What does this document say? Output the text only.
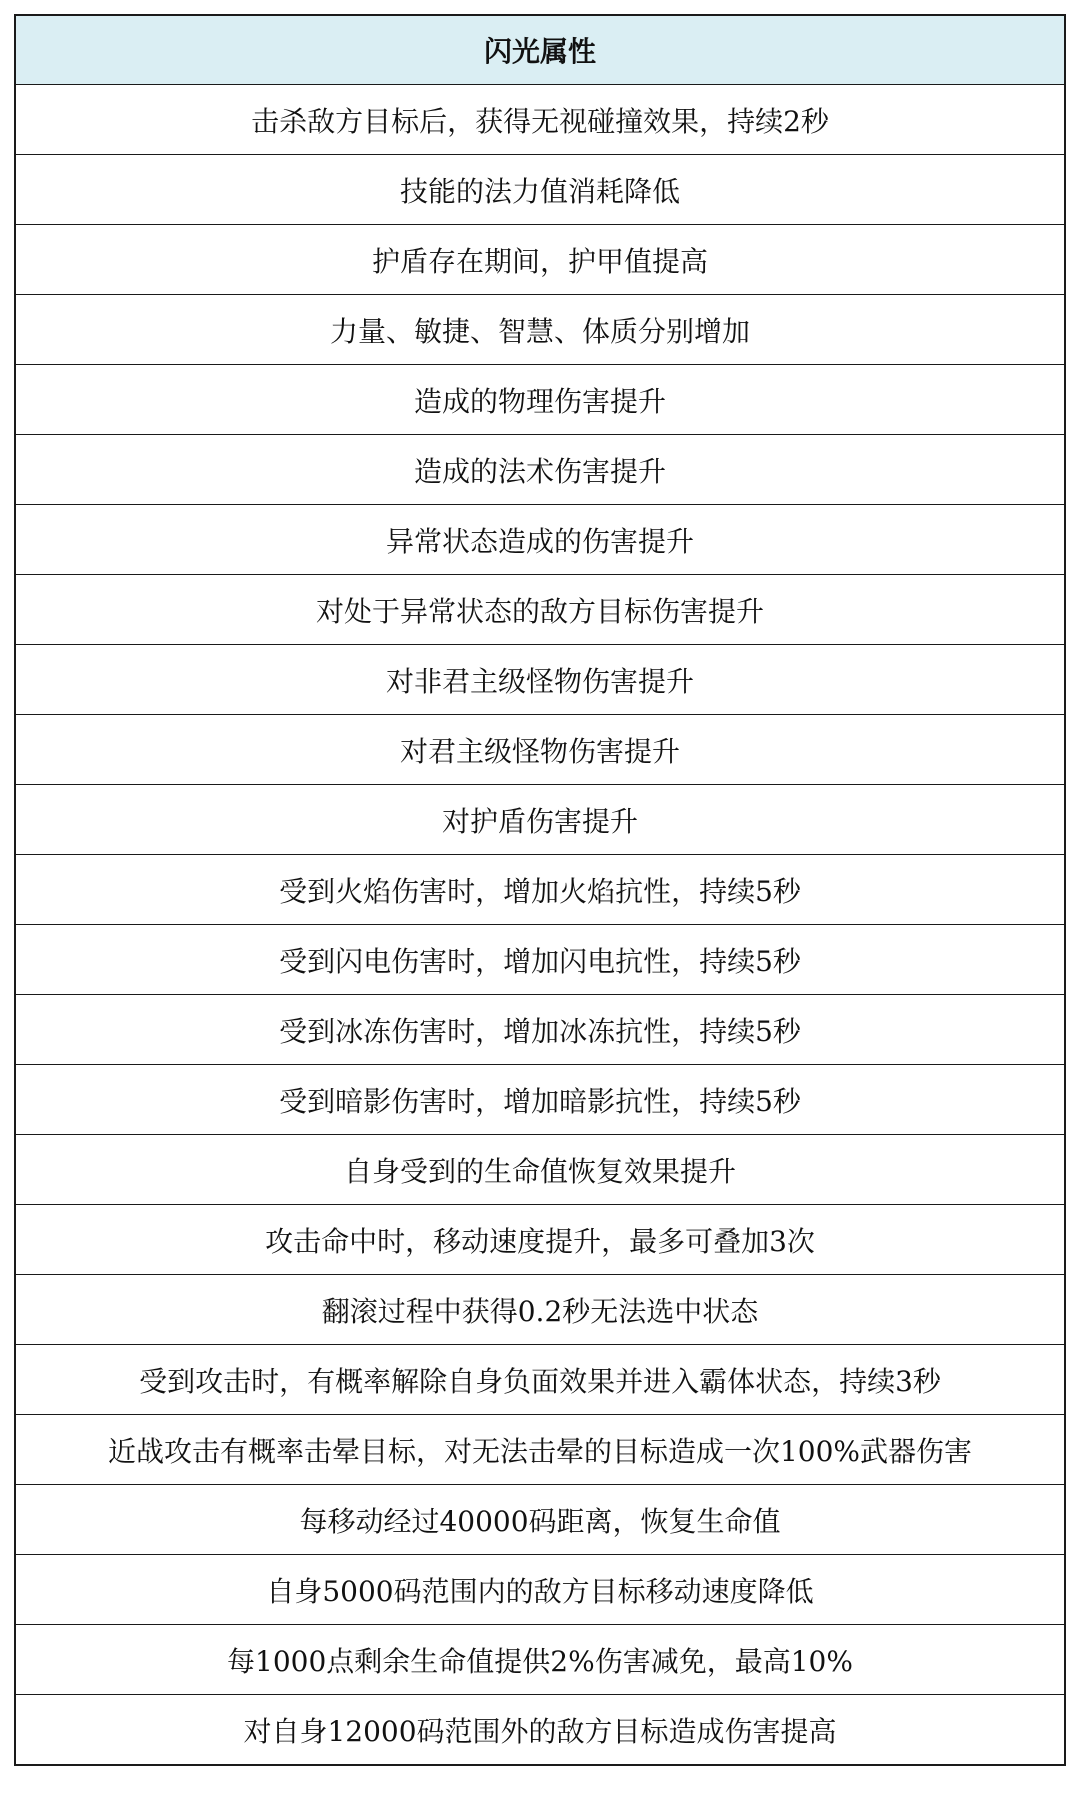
闪光属性
击杀敌方目标后，获得无视碰撞效果，持续2秒
技能的法力值消耗降低
护盾存在期间，护甲值提高
力量、敏捷、智慧、体质分别增加
造成的物理伤害提升
造成的法术伤害提升
异常状态造成的伤害提升
对处于异常状态的敌方目标伤害提升
对非君主级怪物伤害提升
对君主级怪物伤害提升
对护盾伤害提升
受到火焰伤害时，增加火焰抗性，持续5秒
受到闪电伤害时，增加闪电抗性，持续5秒
受到冰冻伤害时，增加冰冻抗性，持续5秒
受到暗影伤害时，增加暗影抗性，持续5秒
自身受到的生命值恢复效果提升
攻击命中时，移动速度提升，最多可叠加3次
翻滚过程中获得0.2秒无法选中状态
受到攻击时，有概率解除自身负面效果并进入霸体状态，持续3秒
近战攻击有概率击晕目标，对无法击晕的目标造成一次100%武器伤害
每移动经过40000码距离，恢复生命值
自身5000码范围内的敌方目标移动速度降低
每1000点剩余生命值提供2%伤害减免，最高10%
对自身12000码范围外的敌方目标造成伤害提高
